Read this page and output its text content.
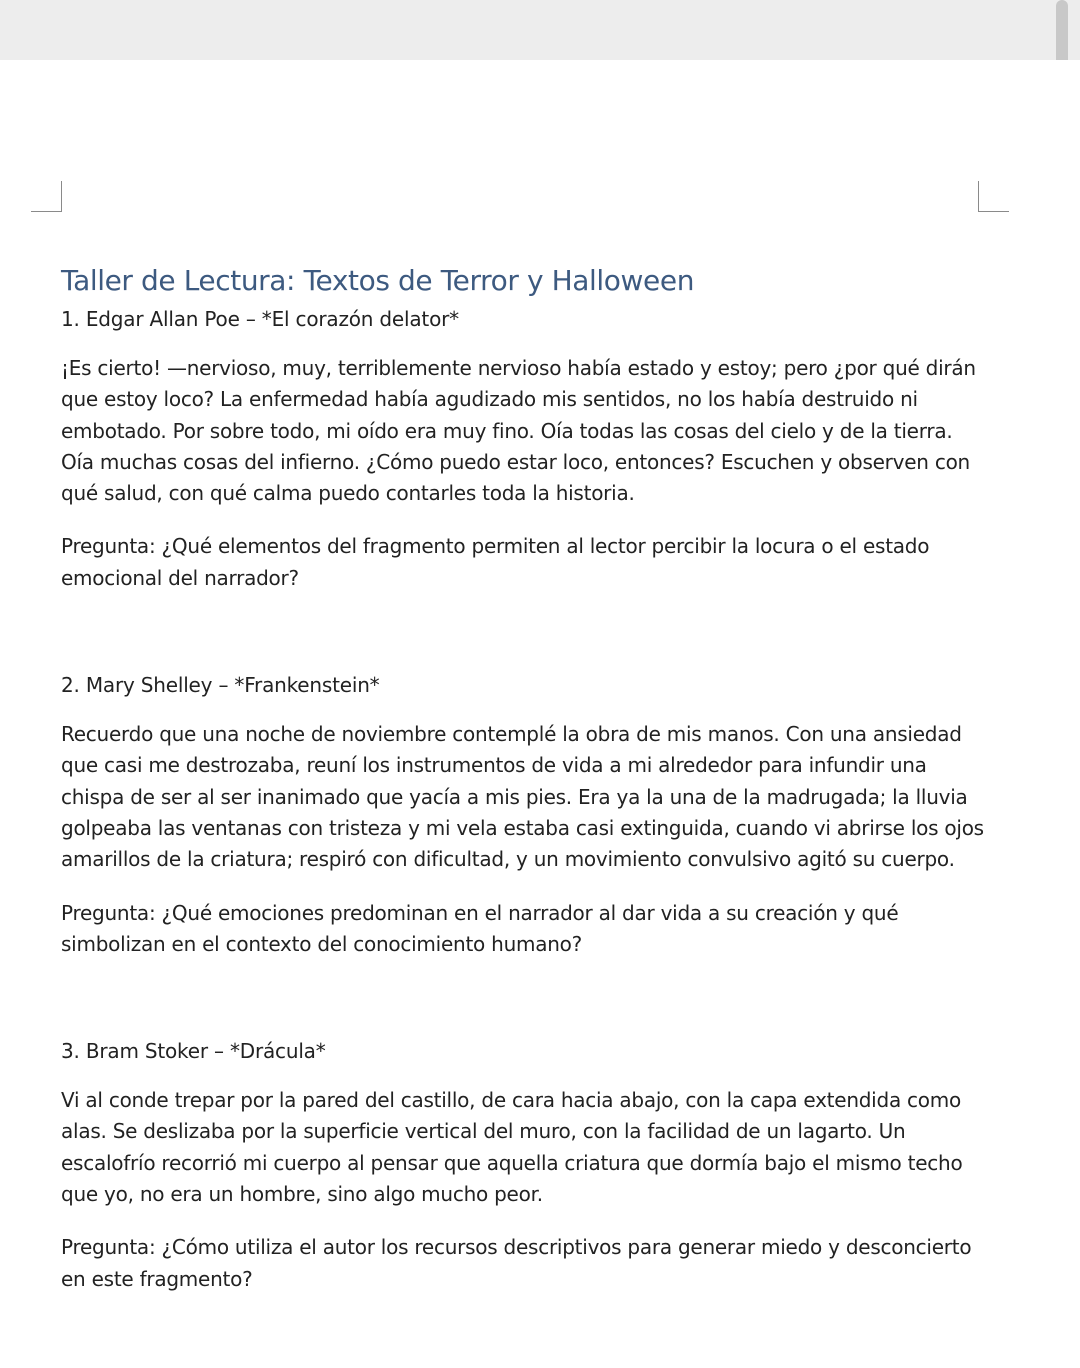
Taller de Lectura: Textos de Terror y Halloween

1. Edgar Allan Poe – *El corazón delator*

¡Es cierto! —nervioso, muy, terriblemente nervioso había estado y estoy; pero ¿por qué dirán que estoy loco? La enfermedad había agudizado mis sentidos, no los había destruido ni embotado. Por sobre todo, mi oído era muy fino. Oía todas las cosas del cielo y de la tierra. Oía muchas cosas del infierno. ¿Cómo puedo estar loco, entonces? Escuchen y observen con qué salud, con qué calma puedo contarles toda la historia.

Pregunta: ¿Qué elementos del fragmento permiten al lector percibir la locura o el estado emocional del narrador?

2. Mary Shelley – *Frankenstein*

Recuerdo que una noche de noviembre contemplé la obra de mis manos. Con una ansiedad que casi me destrozaba, reuní los instrumentos de vida a mi alrededor para infundir una chispa de ser al ser inanimado que yacía a mis pies. Era ya la una de la madrugada; la lluvia golpeaba las ventanas con tristeza y mi vela estaba casi extinguida, cuando vi abrirse los ojos amarillos de la criatura; respiró con dificultad, y un movimiento convulsivo agitó su cuerpo.

Pregunta: ¿Qué emociones predominan en el narrador al dar vida a su creación y qué simbolizan en el contexto del conocimiento humano?

3. Bram Stoker – *Drácula*

Vi al conde trepar por la pared del castillo, de cara hacia abajo, con la capa extendida como alas. Se deslizaba por la superficie vertical del muro, con la facilidad de un lagarto. Un escalofrío recorrió mi cuerpo al pensar que aquella criatura que dormía bajo el mismo techo que yo, no era un hombre, sino algo mucho peor.

Pregunta: ¿Cómo utiliza el autor los recursos descriptivos para generar miedo y desconcierto en este fragmento?
